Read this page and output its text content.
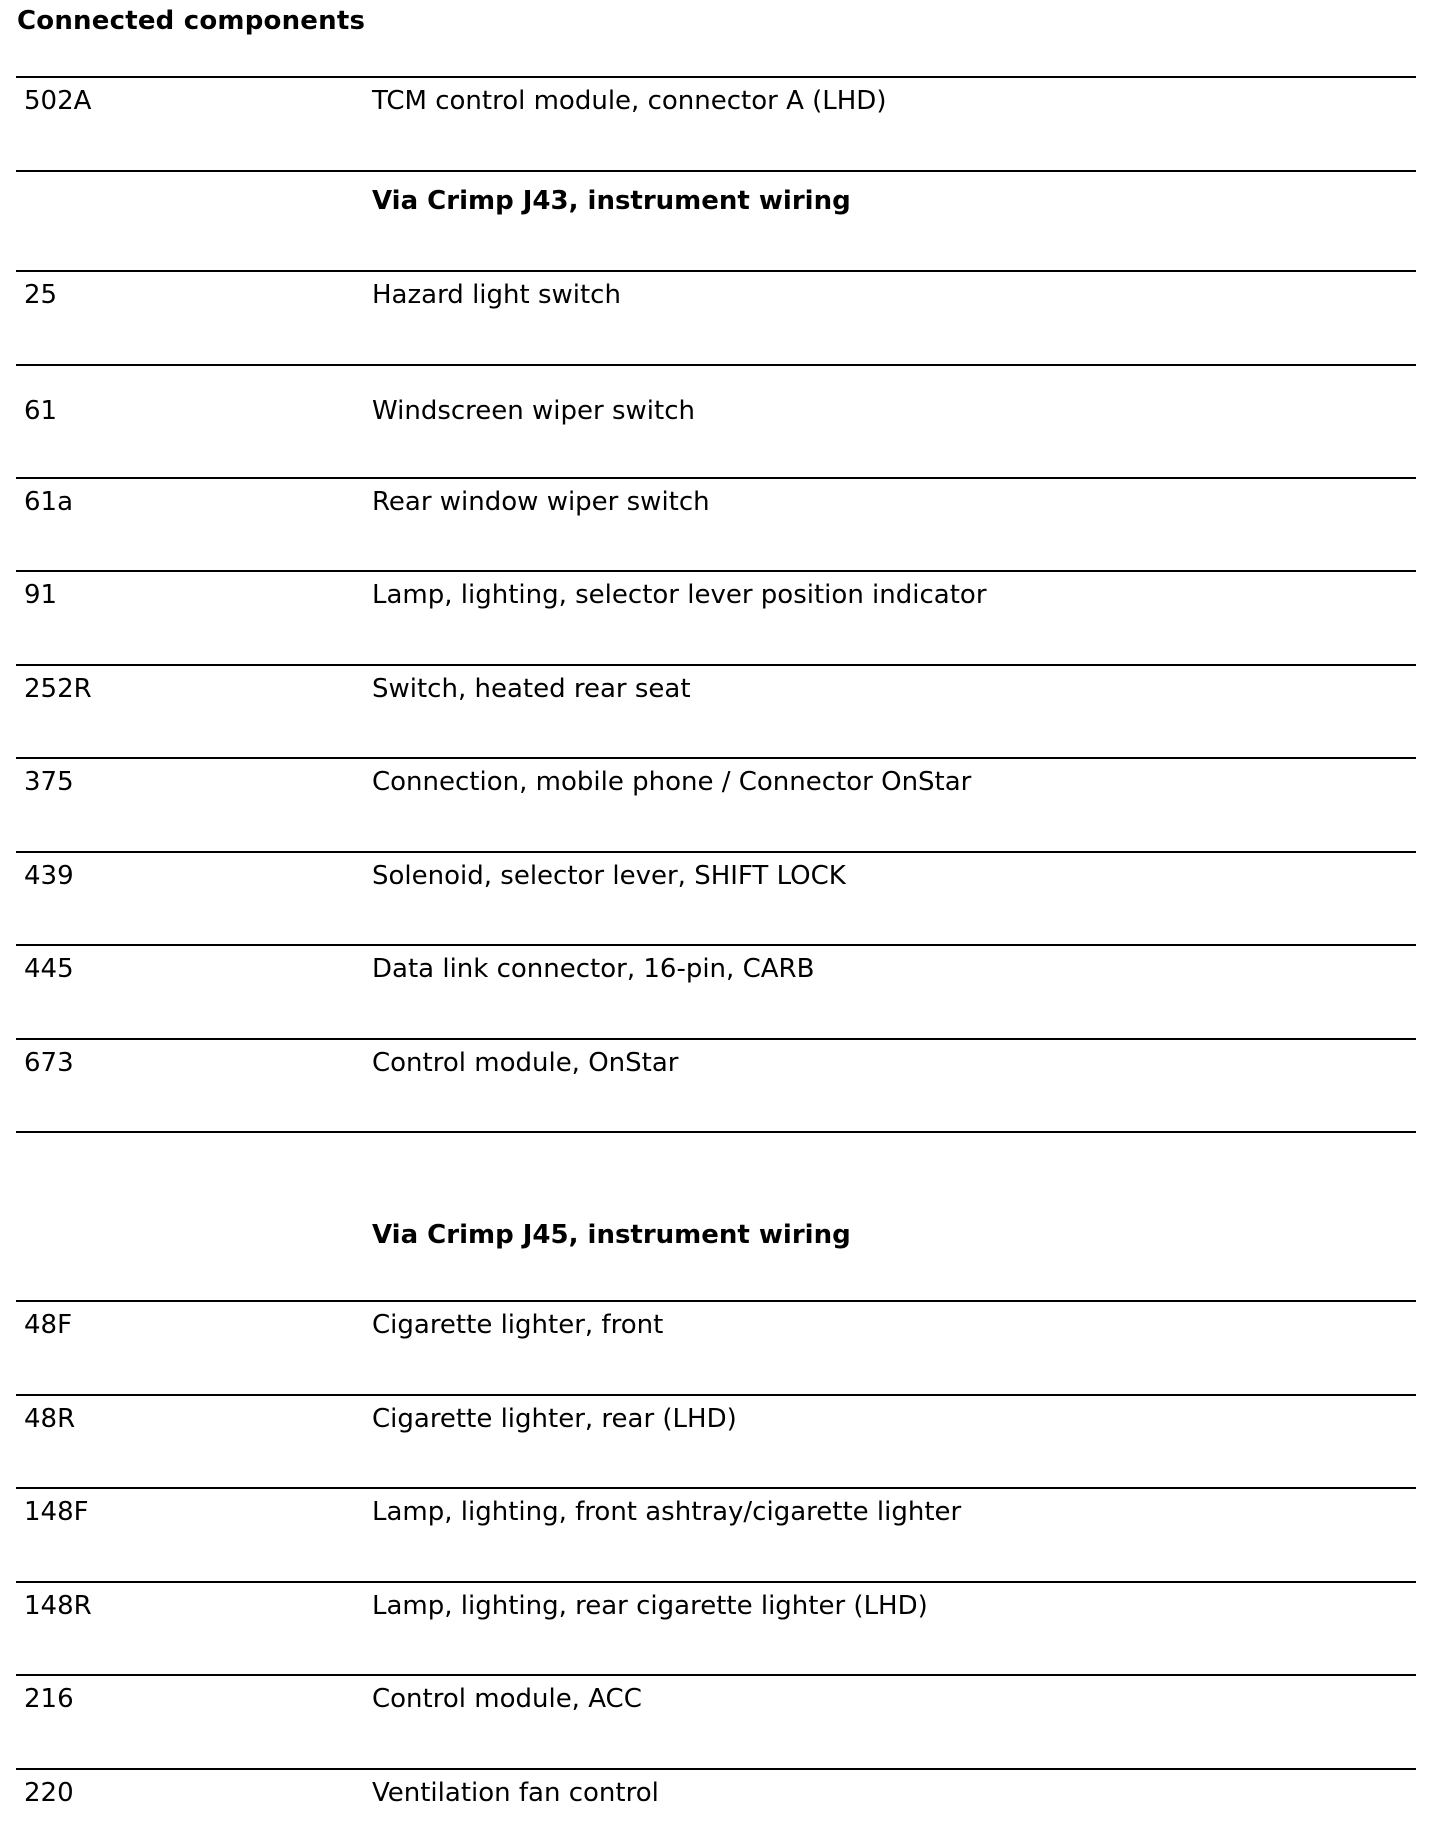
Connected components
502A	TCM control module, connector A (LHD)
Via Crimp J43, instrument wiring
25	Hazard light switch
61	Windscreen wiper switch
61a	Rear window wiper switch
91	Lamp, lighting, selector lever position indicator
252R	Switch, heated rear seat
375	Connection, mobile phone / Connector OnStar
439	Solenoid, selector lever, SHIFT LOCK
445	Data link connector, 16-pin, CARB
673	Control module, OnStar
Via Crimp J45, instrument wiring
48F	Cigarette lighter, front
48R	Cigarette lighter, rear (LHD)
148F	Lamp, lighting, front ashtray/cigarette lighter
148R	Lamp, lighting, rear cigarette lighter (LHD)
216	Control module, ACC
220	Ventilation fan control
